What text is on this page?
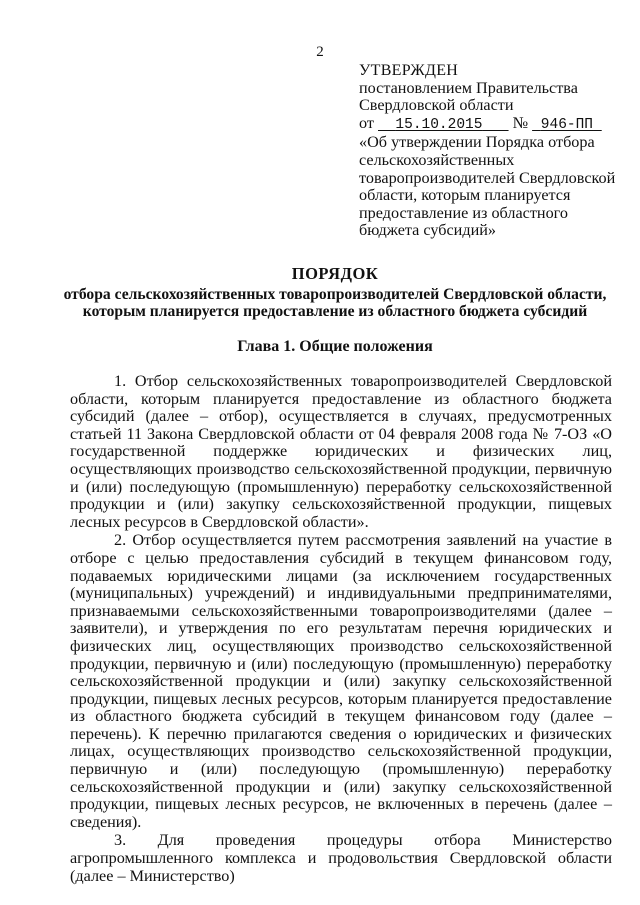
2
УТВЕРЖДЕН
постановлением Правительства
Свердловской области
от 15.10.2015 № 946-ПП
«Об утверждении Порядка отбора
сельскохозяйственных
товаропроизводителей Свердловской
области, которым планируется
предоставление из областного
бюджета субсидий»
ПОРЯДОК
отбора сельскохозяйственных товаропроизводителей Свердловской области, которым планируется предоставление из областного бюджета субсидий
Глава 1. Общие положения

1. Отбор сельскохозяйственных товаропроизводителей Свердловской области, которым планируется предоставление из областного бюджета субсидий (далее – отбор), осуществляется в случаях, предусмотренных статьей 11 Закона Свердловской области от 04 февраля 2008 года № 7-ОЗ «О государственной поддержке юридических и физических лиц, осуществляющих производство сельскохозяйственной продукции, первичную и (или) последующую (промышленную) переработку сельскохозяйственной продукции и (или) закупку сельскохозяйственной продукции, пищевых лесных ресурсов в Свердловской области».

2. Отбор осуществляется путем рассмотрения заявлений на участие в отборе с целью предоставления субсидий в текущем финансовом году, подаваемых юридическими лицами (за исключением государственных (муниципальных) учреждений) и индивидуальными предпринимателями, признаваемыми сельскохозяйственными товаропроизводителями (далее – заявители), и утверждения по его результатам перечня юридических и физических лиц, осуществляющих производство сельскохозяйственной продукции, первичную и (или) последующую (промышленную) переработку сельскохозяйственной продукции и (или) закупку сельскохозяйственной продукции, пищевых лесных ресурсов, которым планируется предоставление из областного бюджета субсидий в текущем финансовом году (далее – перечень). К перечню прилагаются сведения о юридических и физических лицах, осуществляющих производство сельскохозяйственной продукции, первичную и (или) последующую (промышленную) переработку сельскохозяйственной продукции и (или) закупку сельскохозяйственной продукции, пищевых лесных ресурсов, не включенных в перечень (далее – сведения).

3. Для проведения процедуры отбора Министерство агропромышленного комплекса и продовольствия Свердловской области (далее – Министерство)
